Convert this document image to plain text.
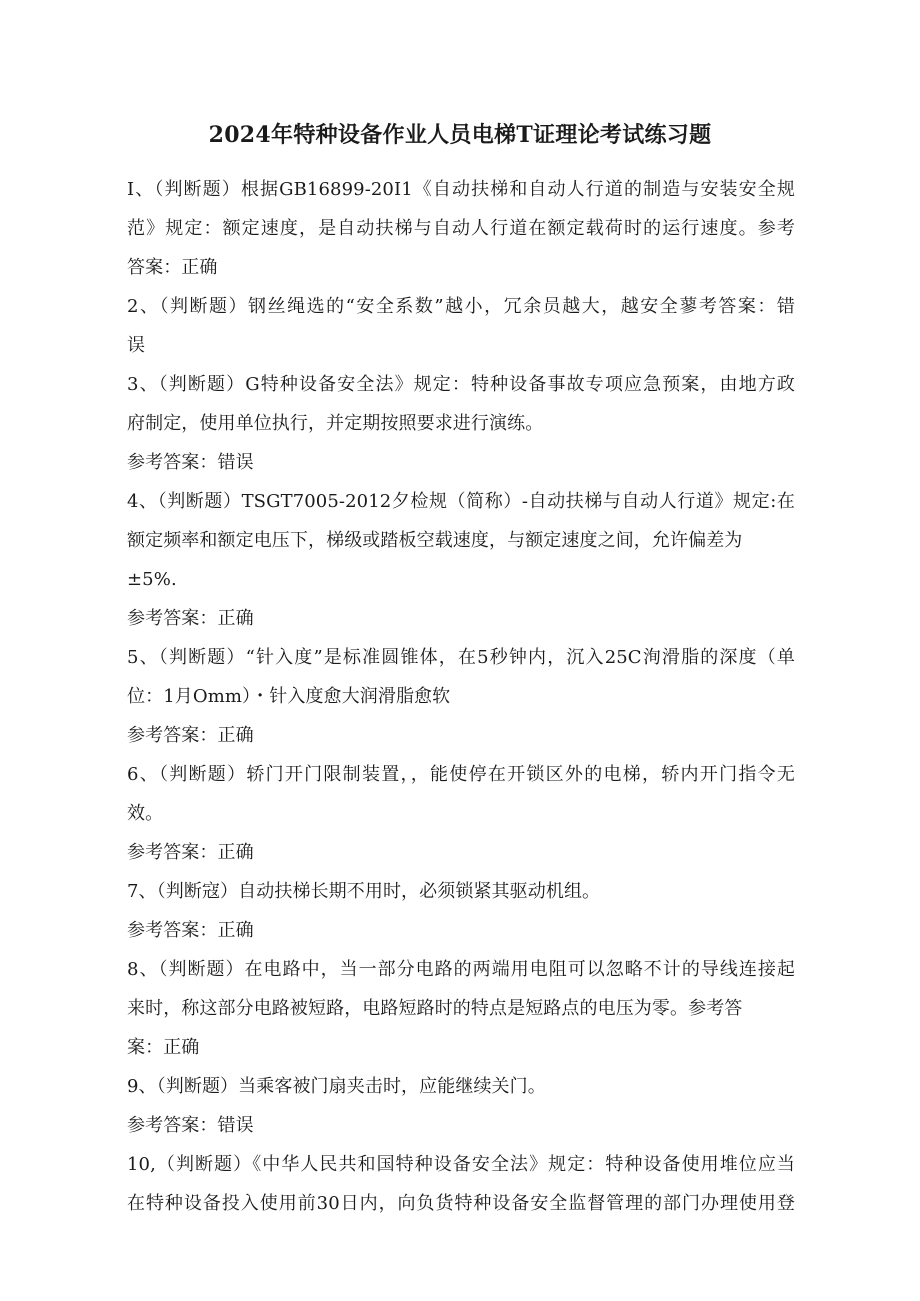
2024年特种设备作业人员电梯T证理论考试练习题
I、（判断题）根据GB16899-20I1《自动扶梯和自动人行道的制造与安装安全规
范》规定：额定速度，是自动扶梯与自动人行道在额定载荷时的运行速度。参考
答案：正确
2、（判断题）钢丝绳选的“安全系数”越小，冗余员越大，越安全蓼考答案：错
误
3、（判断题）G特种设备安全法》规定：特种设备事故专项应急预案，由地方政
府制定，使用单位执行，并定期按照要求进行演练。
参考答案：错误
4、（判断题）TSGT7005-2012夕检规（简称）-自动扶梯与自动人行道》规定:在
额定频率和额定电压下，梯级或踏板空载速度，与额定速度之间，允许偏差为
±5%.
参考答案：正确
5、（判断题）“针入度”是标准圆锥体，在5秒钟内，沉入25C洵滑脂的深度（单
位：1月Omm）・针入度愈大润滑脂愈软
参考答案：正确
6、（判断题）轿门开门限制装置，，能使停在开锁区外的电梯，轿内开门指令无
效。
参考答案：正确
7、（判断寇）自动扶梯长期不用时，必须锁紧其驱动机组。
参考答案：正确
8、（判断题）在电路中，当一部分电路的两端用电阻可以忽略不计的导线连接起
来时，称这部分电路被短路，电路短路时的特点是短路点的电压为零。参考答
案：正确
9、（判断题）当乘客被门扇夹击时，应能继续关门。
参考答案：错误
10,（判断题）《中华人民共和国特种设备安全法》规定：特种设备使用堆位应当
在特种设备投入使用前30日内，向负货特种设备安全监督管理的部门办理使用登
